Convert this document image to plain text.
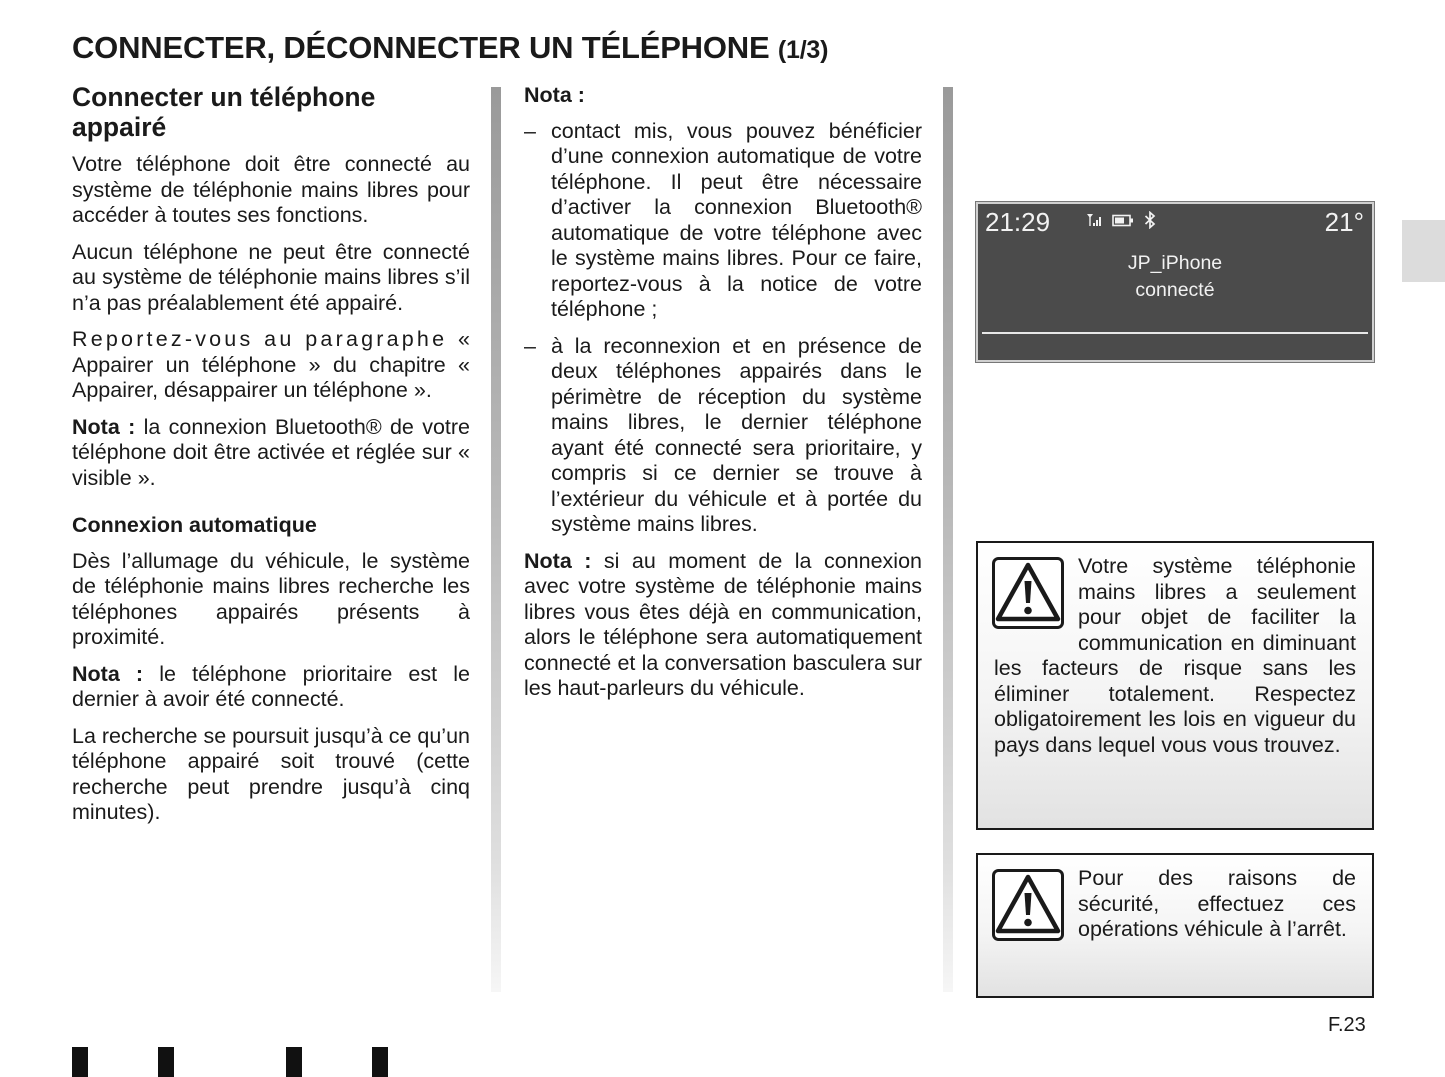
CONNECTER, DÉCONNECTER UN TÉLÉPHONE (1/3)
Connecter un téléphone appairé

Votre téléphone doit être connecté au système de téléphonie mains libres pour accéder à toutes ses fonctions.

Aucun téléphone ne peut être connecté au système de téléphonie mains libres s’il n’a pas préalablement été appairé.

Reportez-vous au paragraphe « Appairer un téléphone » du chapitre « Appairer, désappairer un téléphone ».

Nota : la connexion Bluetooth® de votre téléphone doit être activée et réglée sur « visible ».

Connexion automatique

Dès l’allumage du véhicule, le système de téléphonie mains libres recherche les téléphones appairés présents à proximité.

Nota : le téléphone prioritaire est le dernier à avoir été connecté.

La recherche se poursuit jusqu’à ce qu’un téléphone appairé soit trouvé (cette recherche peut prendre jusqu’à cinq minutes).

Nota :
– contact mis, vous pouvez bénéficier d’une connexion automatique de votre téléphone. Il peut être nécessaire d’activer la connexion Bluetooth® automatique de votre téléphone avec le système mains libres. Pour ce faire, reportez-vous à la notice de votre téléphone ;
– à la reconnexion et en présence de deux téléphones appairés dans le périmètre de réception du système mains libres, le dernier téléphone ayant été connecté sera prioritaire, y compris si ce dernier se trouve à l’extérieur du véhicule et à portée du système mains libres.

Nota : si au moment de la connexion avec votre système de téléphonie mains libres vous êtes déjà en communication, alors le téléphone sera automatiquement connecté et la conversation basculera sur les haut-parleurs du véhicule.

21:29	21°
JP_iPhone
connecté
Votre système téléphonie mains libres a seulement pour objet de faciliter la communication en diminuant les facteurs de risque sans les éliminer totalement. Respectez obligatoirement les lois en vigueur du pays dans lequel vous vous trouvez.
Pour des raisons de sécurité, effectuez ces opérations véhicule à l’arrêt.
F.23
